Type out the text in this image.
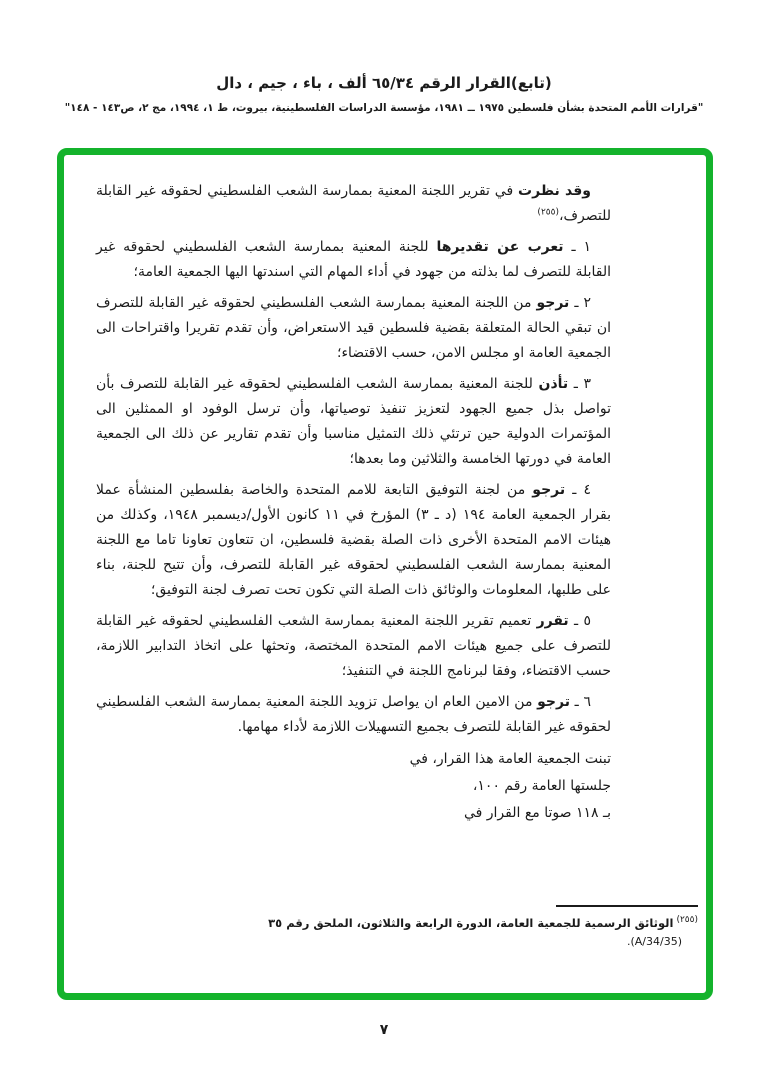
(تابع)القرار الرقم ٦٥/٣٤ ألف ، باء ، جيم ، دال
"قرارات الأمم المتحدة بشأن فلسطين ١٩٧٥ ــ ١٩٨١، مؤسسة الدراسات الفلسطينية، بيروت، ط ١، ١٩٩٤، مج ٢، ص١٤٣ - ١٤٨"

وقد نظرت في تقرير اللجنة المعنية بممارسة الشعب الفلسطيني لحقوقه غير القابلة للتصرف،$^{(٢٥٥)}$

١ ـ تعرب عن تقديرها للجنة المعنية بممارسة الشعب الفلسطيني لحقوقه غير القابلة للتصرف لما بذلته من جهود في أداء المهام التي اسندتها اليها الجمعية العامة؛

٢ ـ ترجو من اللجنة المعنية بممارسة الشعب الفلسطيني لحقوقه غير القابلة للتصرف ان تبقي الحالة المتعلقة بقضية فلسطين قيد الاستعراض، وأن تقدم تقريرا واقتراحات الى الجمعية العامة او مجلس الامن، حسب الاقتضاء؛

٣ ـ تأذن للجنة المعنية بممارسة الشعب الفلسطيني لحقوقه غير القابلة للتصرف بأن تواصل بذل جميع الجهود لتعزيز تنفيذ توصياتها، وأن ترسل الوفود او الممثلين الى المؤتمرات الدولية حين ترتئي ذلك التمثيل مناسبا وأن تقدم تقارير عن ذلك الى الجمعية العامة في دورتها الخامسة والثلاثين وما بعدها؛

٤ ـ ترجو من لجنة التوفيق التابعة للامم المتحدة والخاصة بفلسطين المنشأة عملا بقرار الجمعية العامة ١٩٤ (د ـ ٣) المؤرخ في ١١ كانون الأول/ديسمبر ١٩٤٨، وكذلك من هيئات الامم المتحدة الأخرى ذات الصلة بقضية فلسطين، ان تتعاون تعاونا تاما مع اللجنة المعنية بممارسة الشعب الفلسطيني لحقوقه غير القابلة للتصرف، وأن تتيح للجنة، بناء على طلبها، المعلومات والوثائق ذات الصلة التي تكون تحت تصرف لجنة التوفيق؛

٥ ـ تقرر تعميم تقرير اللجنة المعنية بممارسة الشعب الفلسطيني لحقوقه غير القابلة للتصرف على جميع هيئات الامم المتحدة المختصة، وتحثها على اتخاذ التدابير اللازمة، حسب الاقتضاء، وفقا لبرنامج اللجنة في التنفيذ؛

٦ ـ ترجو من الامين العام ان يواصل تزويد اللجنة المعنية بممارسة الشعب الفلسطيني لحقوقه غير القابلة للتصرف بجميع التسهيلات اللازمة لأداء مهامها.

تبنت الجمعية العامة هذا القرار، في
جلستها العامة رقم ١٠٠،
بـ ١١٨ صوتا مع القرار في
$^{(٢٥٥)}$الوثائق الرسمية للجمعية العامة، الدورة الرابعة والثلاثون، الملحق رقم ٣٥
(A/34/35).
٧
